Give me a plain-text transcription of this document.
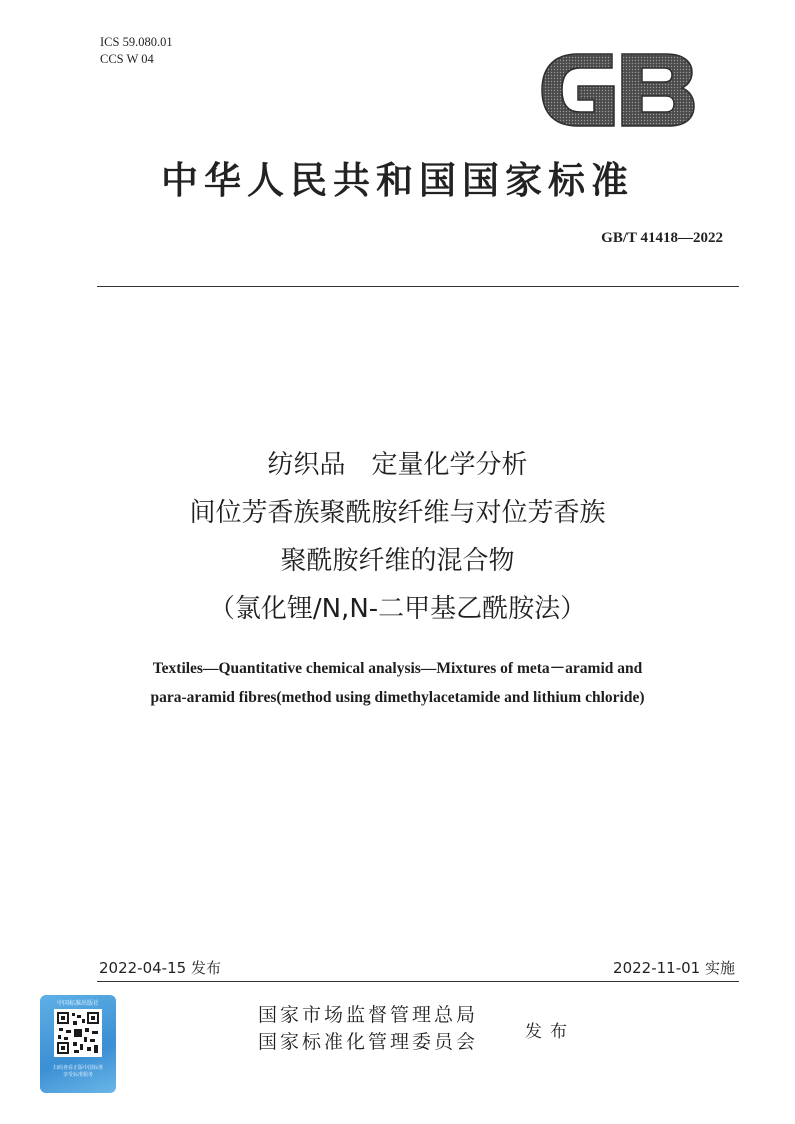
ICS 59.080.01
CCS W 04
中华人民共和国国家标准
GB/T 41418—2022
纺织品　定量化学分析
间位芳香族聚酰胺纤维与对位芳香族
聚酰胺纤维的混合物
（氯化锂/N,N-二甲基乙酰胺法）
Textiles—Quantitative chemical analysis—Mixtures of meta－aramid and
para-aramid fibres(method using dimethylacetamide and lithium chloride)
2022-04-15 发布	2022-11-01 实施
中国标准出版社
扫码查看正版中国标准
享受标准服务
国家市场监督管理总局
国家标准化管理委员会	发布
